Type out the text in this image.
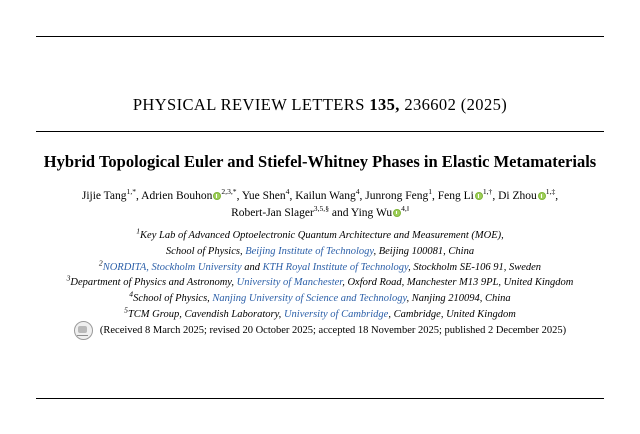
PHYSICAL REVIEW LETTERS 135, 236602 (2025)
Hybrid Topological Euler and Stiefel-Whitney Phases in Elastic Metamaterials
Jijie Tang$^{1,*}$, Adrien Bouhon $^{2,3,*}$, Yue Shen$^4$, Kailun Wang$^4$, Junrong Feng$^1$, Feng Li $^{1,\dagger}$, Di Zhou $^{1,\ddagger}$,
Robert-Jan Slager$^{3,5,\S}$ and Ying Wu $^{4,‖}$
$^1$Key Lab of Advanced Optoelectronic Quantum Architecture and Measurement (MOE),
School of Physics, Beijing Institute of Technology, Beijing 100081, China
$^2$NORDITA, Stockholm University and KTH Royal Institute of Technology, Stockholm SE-106 91, Sweden
$^3$Department of Physics and Astronomy, University of Manchester, Oxford Road, Manchester M13 9PL, United Kingdom
$^4$School of Physics, Nanjing University of Science and Technology, Nanjing 210094, China
$^5$TCM Group, Cavendish Laboratory, University of Cambridge, Cambridge, United Kingdom
(Received 8 March 2025; revised 20 October 2025; accepted 18 November 2025; published 2 December 2025)
